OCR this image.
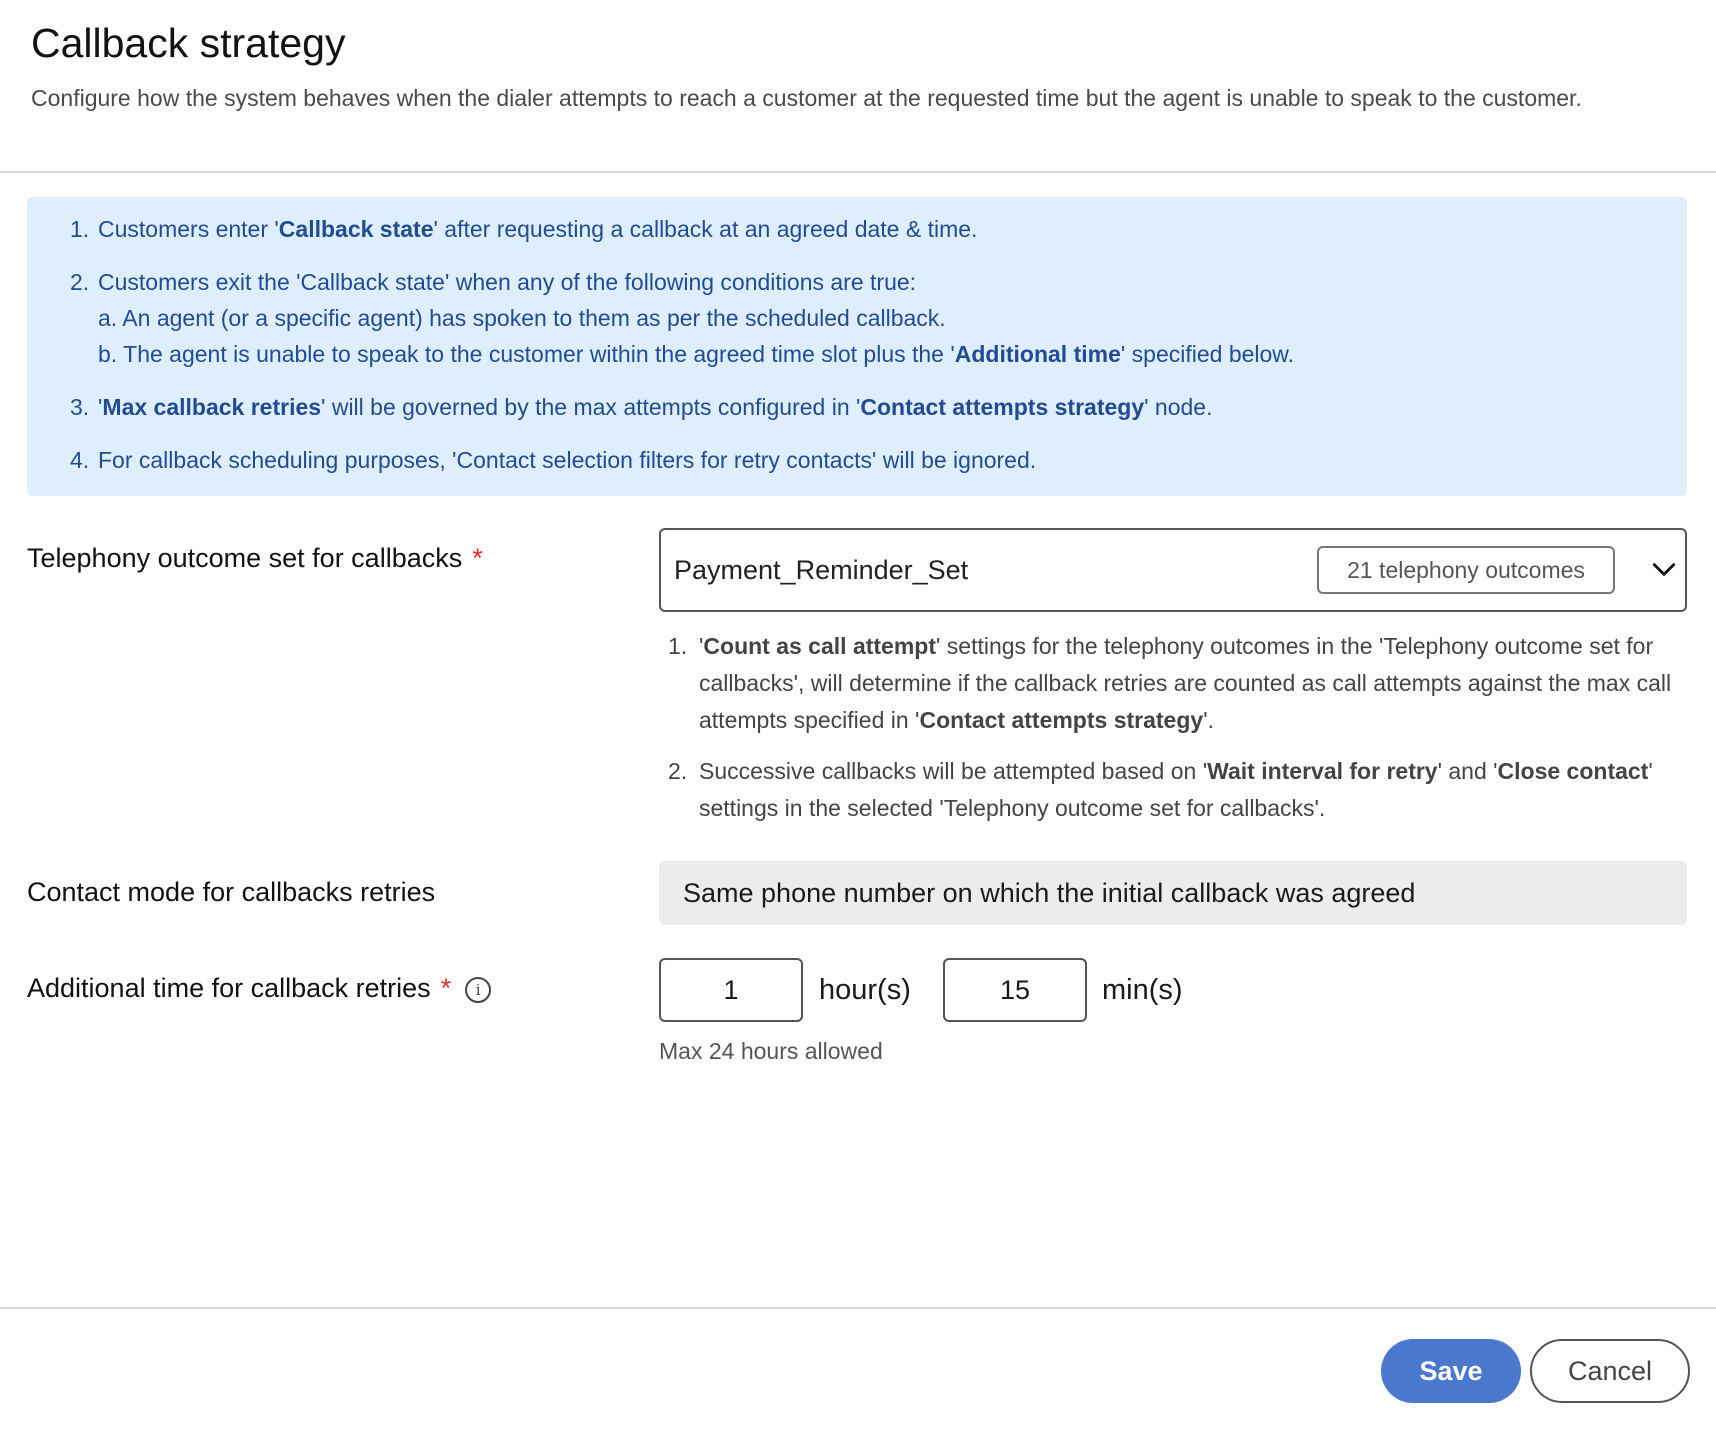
Callback strategy
Configure how the system behaves when the dialer attempts to reach a customer at the requested time but the agent is unable to speak to the customer.
1. Customers enter 'Callback state' after requesting a callback at an agreed date & time.
2. Customers exit the 'Callback state' when any of the following conditions are true:
a. An agent (or a specific agent) has spoken to them as per the scheduled callback.
b. The agent is unable to speak to the customer within the agreed time slot plus the 'Additional time' specified below.
3. 'Max callback retries' will be governed by the max attempts configured in 'Contact attempts strategy' node.
4. For callback scheduling purposes, 'Contact selection filters for retry contacts' will be ignored.
Telephony outcome set for callbacks *	Payment_Reminder_Set	21 telephony outcomes
1. 'Count as call attempt' settings for the telephony outcomes in the 'Telephony outcome set for callbacks', will determine if the callback retries are counted as call attempts against the max call attempts specified in 'Contact attempts strategy'.
2. Successive callbacks will be attempted based on 'Wait interval for retry' and 'Close contact' settings in the selected 'Telephony outcome set for callbacks'.
Contact mode for callbacks retries	Same phone number on which the initial callback was agreed
Additional time for callback retries * i
1	hour(s)
15	min(s)
Max 24 hours allowed
Save	Cancel
